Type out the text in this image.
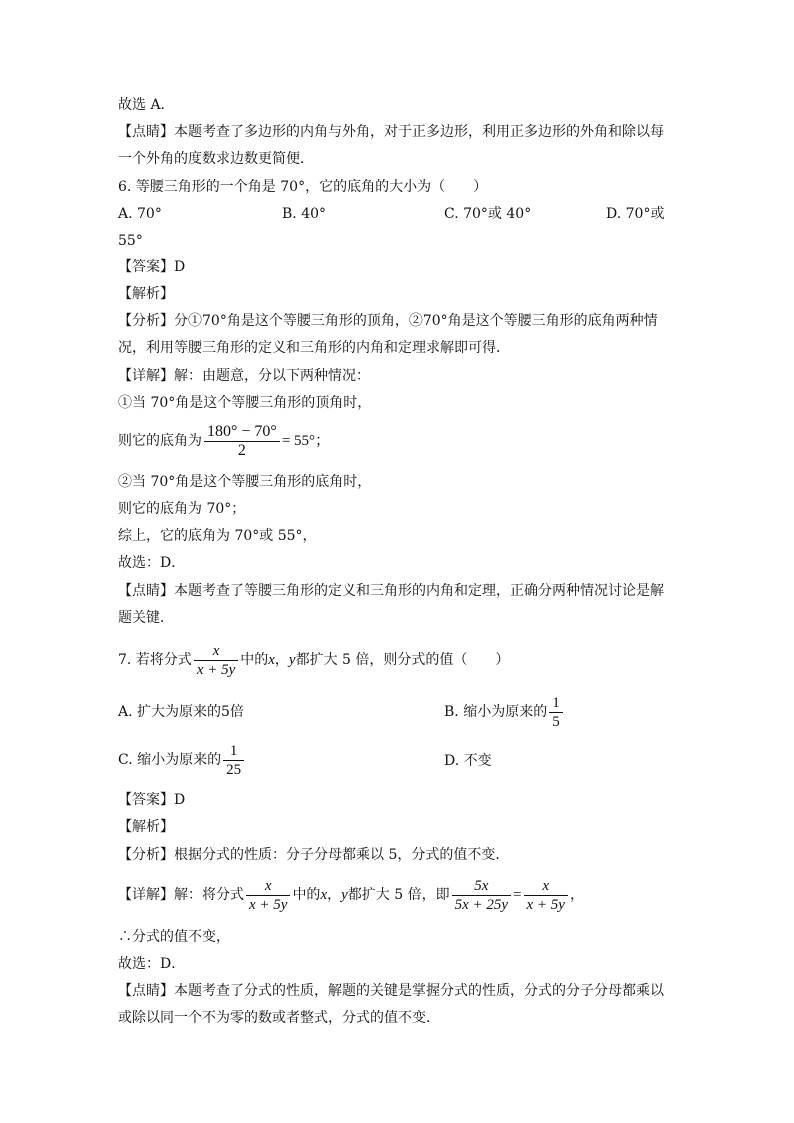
故选 A．
【点睛】本题考查了多边形的内角与外角，对于正多边形，利用正多边形的外角和除以每
一个外角的度数求边数更简便．
6. 等腰三角形的一个角是 70°，它的底角的大小为（　　）
A. 70°	B. 40°	C. 70°或 40°	D. 70°或
55°
【答案】D
【解析】
【分析】分①70°角是这个等腰三角形的顶角，②70°角是这个等腰三角形的底角两种情
况，利用等腰三角形的定义和三角形的内角和定理求解即可得．
【详解】解：由题意，分以下两种情况：
①当 70°角是这个等腰三角形的顶角时，
则它的底角为 $\frac{180^\circ - 70^\circ}{2} = 55^\circ$；
②当 70°角是这个等腰三角形的底角时，
则它的底角为 70°；
综上，它的底角为 70°或 55°，
故选：D．
【点睛】本题考查了等腰三角形的定义和三角形的内角和定理，正确分两种情况讨论是解
题关键．
7. 若将分式 $\frac{x}{x + 5y}$ 中的x，y都扩大 5 倍，则分式的值（　　）
A. 扩大为原来的5倍	B. 缩小为原来的 $\frac{1}{5}$
C. 缩小为原来的 $\frac{1}{25}$	D. 不变
【答案】D
【解析】
【分析】根据分式的性质：分子分母都乘以 5，分式的值不变．
【详解】解：将分式 $\frac{x}{x + 5y}$ 中的x，y都扩大 5 倍，即 $\frac{5x}{5x + 25y} = \frac{x}{x + 5y}$ ，
∴分式的值不变，
故选：D．
【点睛】本题考查了分式的性质，解题的关键是掌握分式的性质，分式的分子分母都乘以
或除以同一个不为零的数或者整式，分式的值不变．
